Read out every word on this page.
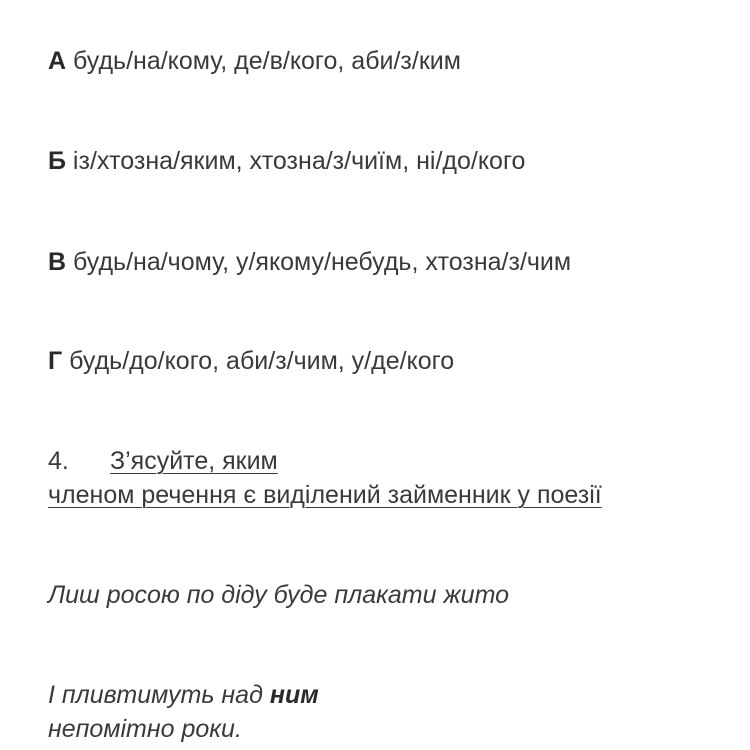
А будь/на/кому, де/в/кого, аби/з/ким
Б із/хтозна/яким, хтозна/з/чиїм, ні/до/кого
В будь/на/чому, у/якому/небудь, хтозна/з/чим
Г будь/до/кого, аби/з/чим, у/де/кого
4. З’ясуйте, яким
членом речення є виділений займенник у поезії
Лиш росою по діду буде плакати жито
І пливтимуть над ним
непомітно роки.
